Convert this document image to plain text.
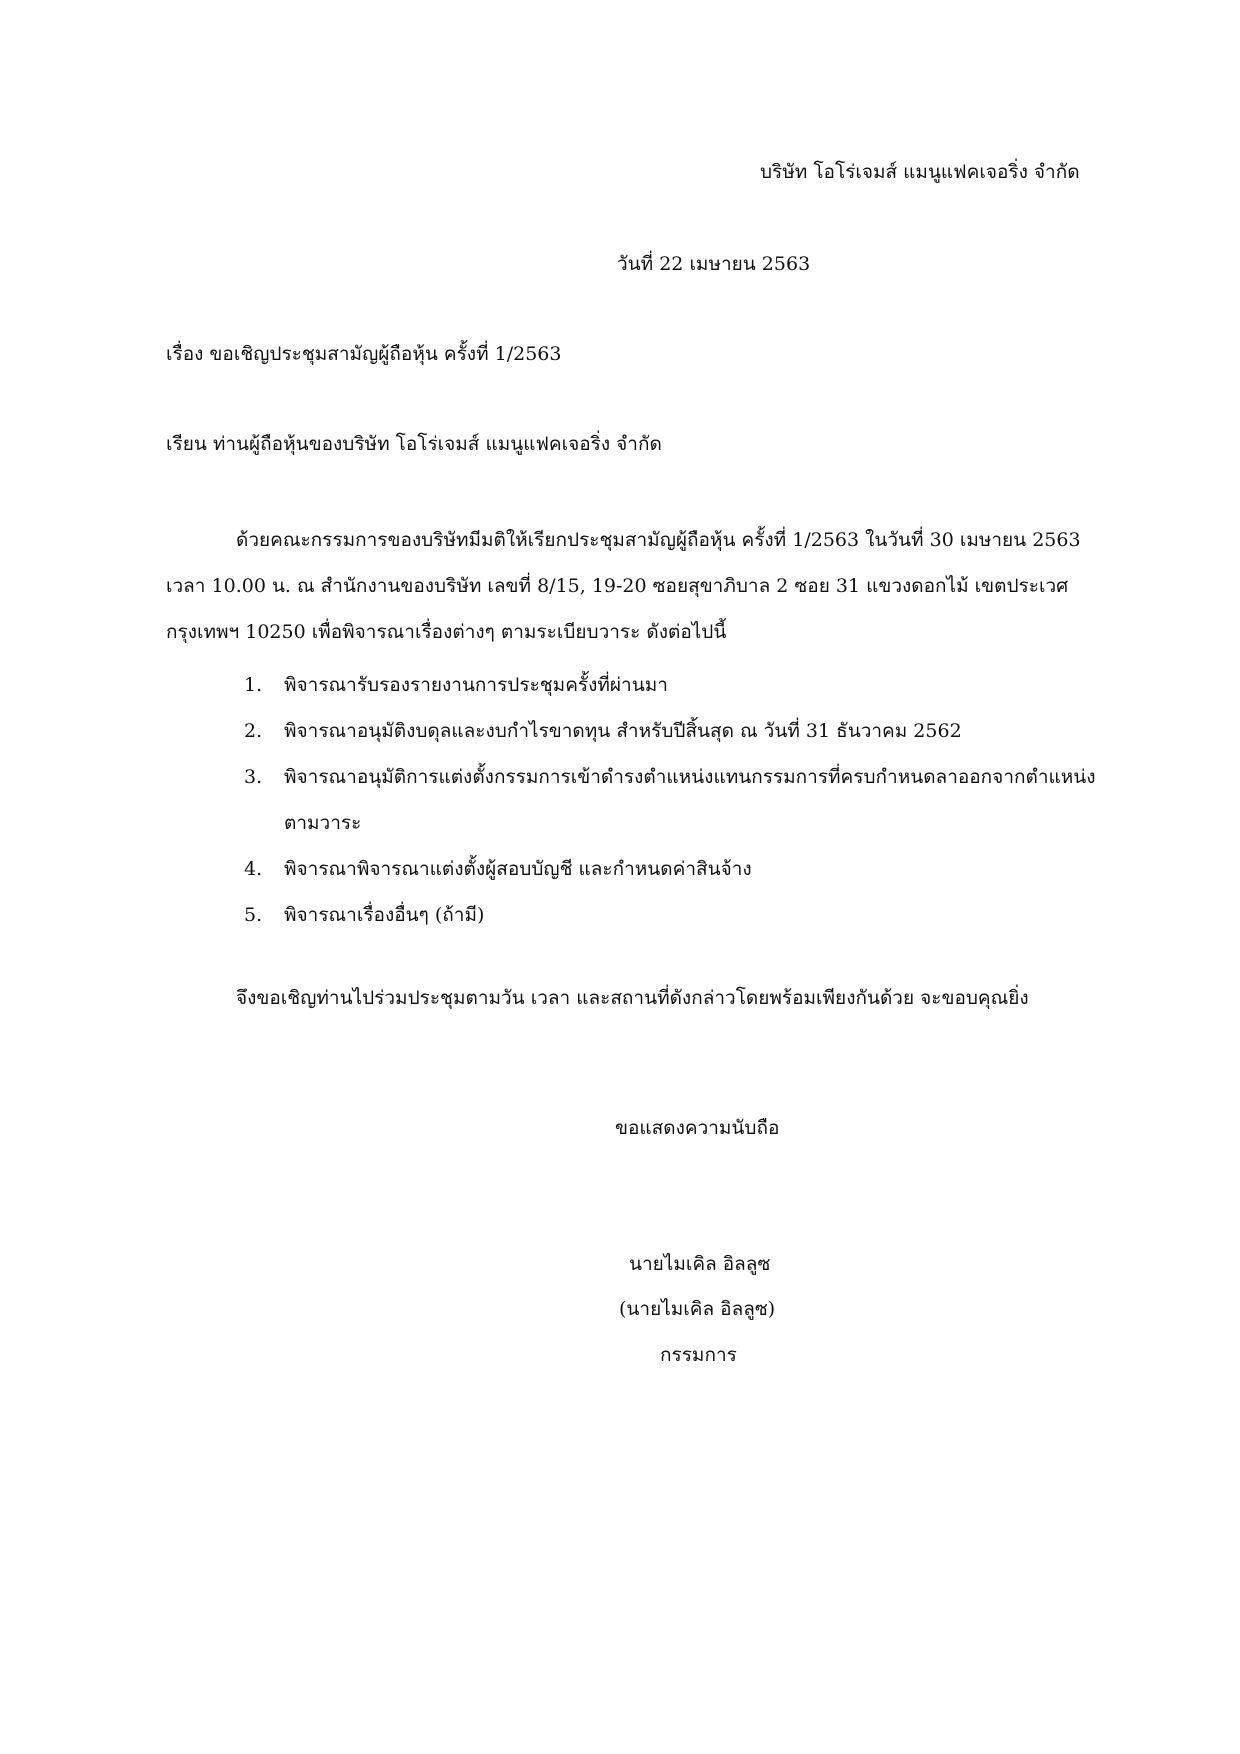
บริษัท โอโร่เจมส์ แมนูแฟคเจอริ่ง จำกัด
วันที่ 22 เมษายน 2563
เรื่อง ขอเชิญประชุมสามัญผู้ถือหุ้น ครั้งที่ 1/2563
เรียน ท่านผู้ถือหุ้นของบริษัท โอโร่เจมส์ แมนูแฟคเจอริ่ง จำกัด
ด้วยคณะกรรมการของบริษัทมีมติให้เรียกประชุมสามัญผู้ถือหุ้น ครั้งที่ 1/2563 ในวันที่ 30 เมษายน 2563 เวลา 10.00 น. ณ สำนักงานของบริษัท เลขที่ 8/15, 19-20 ซอยสุขาภิบาล 2 ซอย 31 แขวงดอกไม้ เขตประเวศ กรุงเทพฯ 10250 เพื่อพิจารณาเรื่องต่างๆ ตามระเบียบวาระ ดังต่อไปนี้
1. พิจารณารับรองรายงานการประชุมครั้งที่ผ่านมา
2. พิจารณาอนุมัติงบดุลและงบกำไรขาดทุน สำหรับปีสิ้นสุด ณ วันที่ 31 ธันวาคม 2562
3. พิจารณาอนุมัติการแต่งตั้งกรรมการเข้าดำรงตำแหน่งแทนกรรมการที่ครบกำหนดลาออกจากตำแหน่งตามวาระ
4. พิจารณาพิจารณาแต่งตั้งผู้สอบบัญชี และกำหนดค่าสินจ้าง
5. พิจารณาเรื่องอื่นๆ (ถ้ามี)
จึงขอเชิญท่านไปร่วมประชุมตามวัน เวลา และสถานที่ดังกล่าวโดยพร้อมเพียงกันด้วย จะขอบคุณยิ่ง
ขอแสดงความนับถือ
นายไมเคิล อิลลูซ
(นายไมเคิล อิลลูซ)
กรรมการ
